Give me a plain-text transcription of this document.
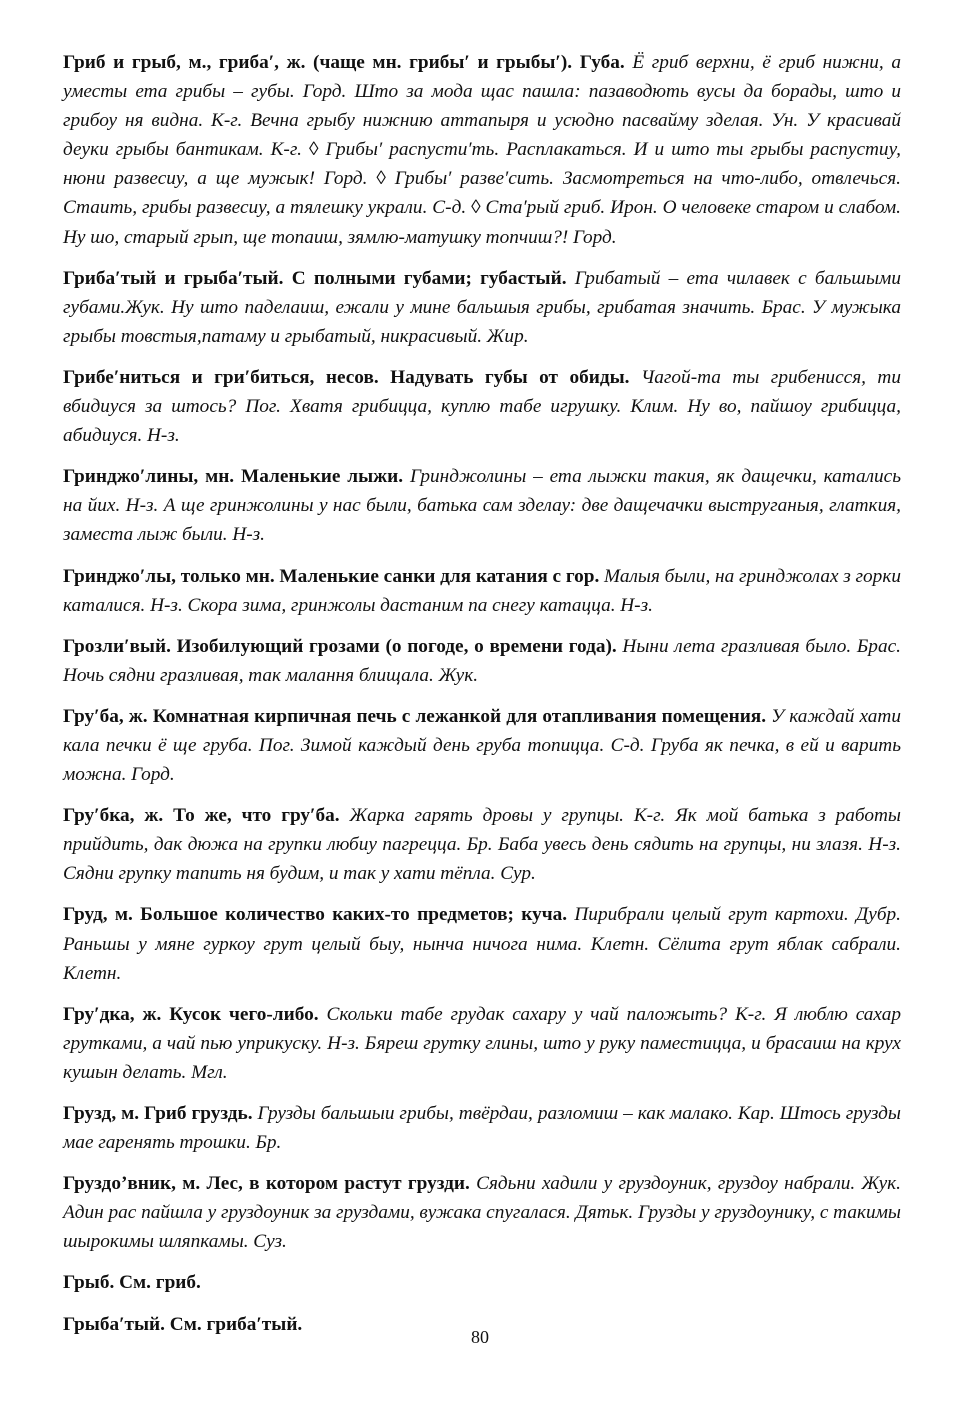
Гриб и грыб, м., гриба′, ж. (чаще мн. грибы′ и грыбы′). Губа. Ё гриб верхни, ё гриб нижни, а уместы ета грибы – губы. Горд. Што за мода щас пашла: пазаводють вусы да борады, што и грибоу ня видна. К-г. Вечна грыбу нижнию аттапыря и усюдно пасвайму зделая. Ун. У красивай деуки грыбы бантикам. К-г. ◊ Грибы′ распусти′ть. Расплакаться. И и што ты грыбы распустиу, нюни развесиу, а ще мужык! Горд. ◊ Грибы′ разве′сить. Засмотреться на что-либо, отвлечься. Стаить, грибы развесиу, а тялешку украли. С-д. ◊ Ста′рый гриб. Ирон. О человеке старом и слабом. Ну шо, старый грып, ще топаиш, зямлю-матушку топчиш?! Горд.

Гриба′тый и грыба′тый. С полными губами; губастый. Грибатый – ета чилавек с бальшыми губами.Жук. Ну што паделаиш, ежали у мине бальшыя грибы, грибатая значить. Брас. У мужыка грыбы товстыя,патаму и грыбатый, никрасивый. Жир.

Грибе′ниться и гри′биться, несов. Надувать губы от обиды. Чагой-та ты грибенисся, ти вбидиуся за штось? Пог. Хватя грибицца, куплю табе игрушку. Клим. Ну во, пайшоу грибицца, абидиуся. Н-з.

Гринджо′лины, мн. Маленькие лыжи. Гринджолины – ета лыжки такия, як дащечки, катались на йих. Н-з. А ще гринжолины у нас были, батька сам зделау: две дащечачки выструганыя, глаткия, заместа лыж были. Н-з.

Гринджо′лы, только мн. Маленькие санки для катания с гор. Малыя были, на гринджолах з горки каталися. Н-з. Скора зима, гринжолы дастаним па снегу катацца. Н-з.

Грозли′вый. Изобилующий грозами (о погоде, о времени года). Ныни лета гразливая было. Брас. Ночь сядни гразливая, так малання блищала. Жук.

Гру′ба, ж. Комнатная кирпичная печь с лежанкой для отапливания помещения. У каждай хати кала печки ё ще груба. Пог. Зимой каждый день груба топицца. С-д. Груба як печка, в ей и варить можна. Горд.

Гру′бка, ж. То же, что гру′ба. Жарка гарять дровы у групцы. К-г. Як мой батька з работы прийдить, дак дюжа на групки любиу пагрецца. Бр. Баба увесь день сядить на групцы, ни злазя. Н-з. Сядни групку тапить ня будим, и так у хати тёпла. Сур.

Груд, м. Большое количество каких-то предметов; куча. Пирибрали целый грут картохи. Дубр. Раньшы у мяне гуркоу грут целый быу, нынча ничога нима. Клетн. Сёлита грут яблак сабрали. Клетн.

Гру′дка, ж. Кусок чего-либо. Скольки табе грудак сахару у чай паложыть? К-г. Я люблю сахар грутками, а чай пью уприкуску. Н-з. Бяреш грутку глины, што у руку паместицца, и брасаиш на крух кушын делать. Мгл.

Грузд, м. Гриб груздь. Грузды бальшыи грибы, твёрдаи, разломиш – как малако. Кар. Штось грузды мае гаренять трошки. Бр.

Груздо’вник, м. Лес, в котором растут грузди. Сядьни хадили у груздоуник, груздоу набрали. Жук. Адин рас пайшла у груздоуник за груздами, вужака спугалася. Дятьк. Грузды у груздоунику, с такимы шырокимы шляпкамы. Суз.

Грыб. См. гриб.

Грыба′тый. См. гриба′тый.

80
